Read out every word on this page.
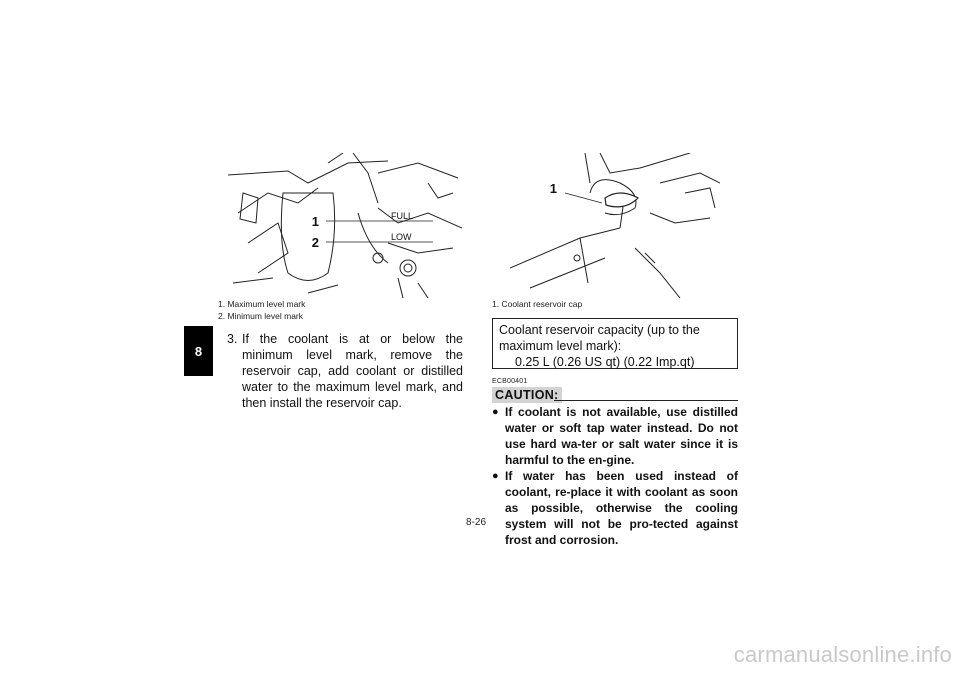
8
1
2
FULL
LOW
1. Maximum level mark
2. Minimum level mark
3. If the coolant is at or below the minimum level mark, remove the reservoir cap, add coolant or distilled water to the maximum level mark, and then install the reservoir cap.
1
1. Coolant reservoir cap
Coolant reservoir capacity (up to the maximum level mark):
0.25 L (0.26 US qt) (0.22 Imp.qt)
ECB00401
CAUTION:
● If coolant is not available, use distilled water or soft tap water instead. Do not use hard wa-ter or salt water since it is harmful to the en-gine.
● If water has been used instead of coolant, re-place it with coolant as soon as possible, otherwise the cooling system will not be pro-tected against frost and corrosion.
8-26
carmanualsonline.info
